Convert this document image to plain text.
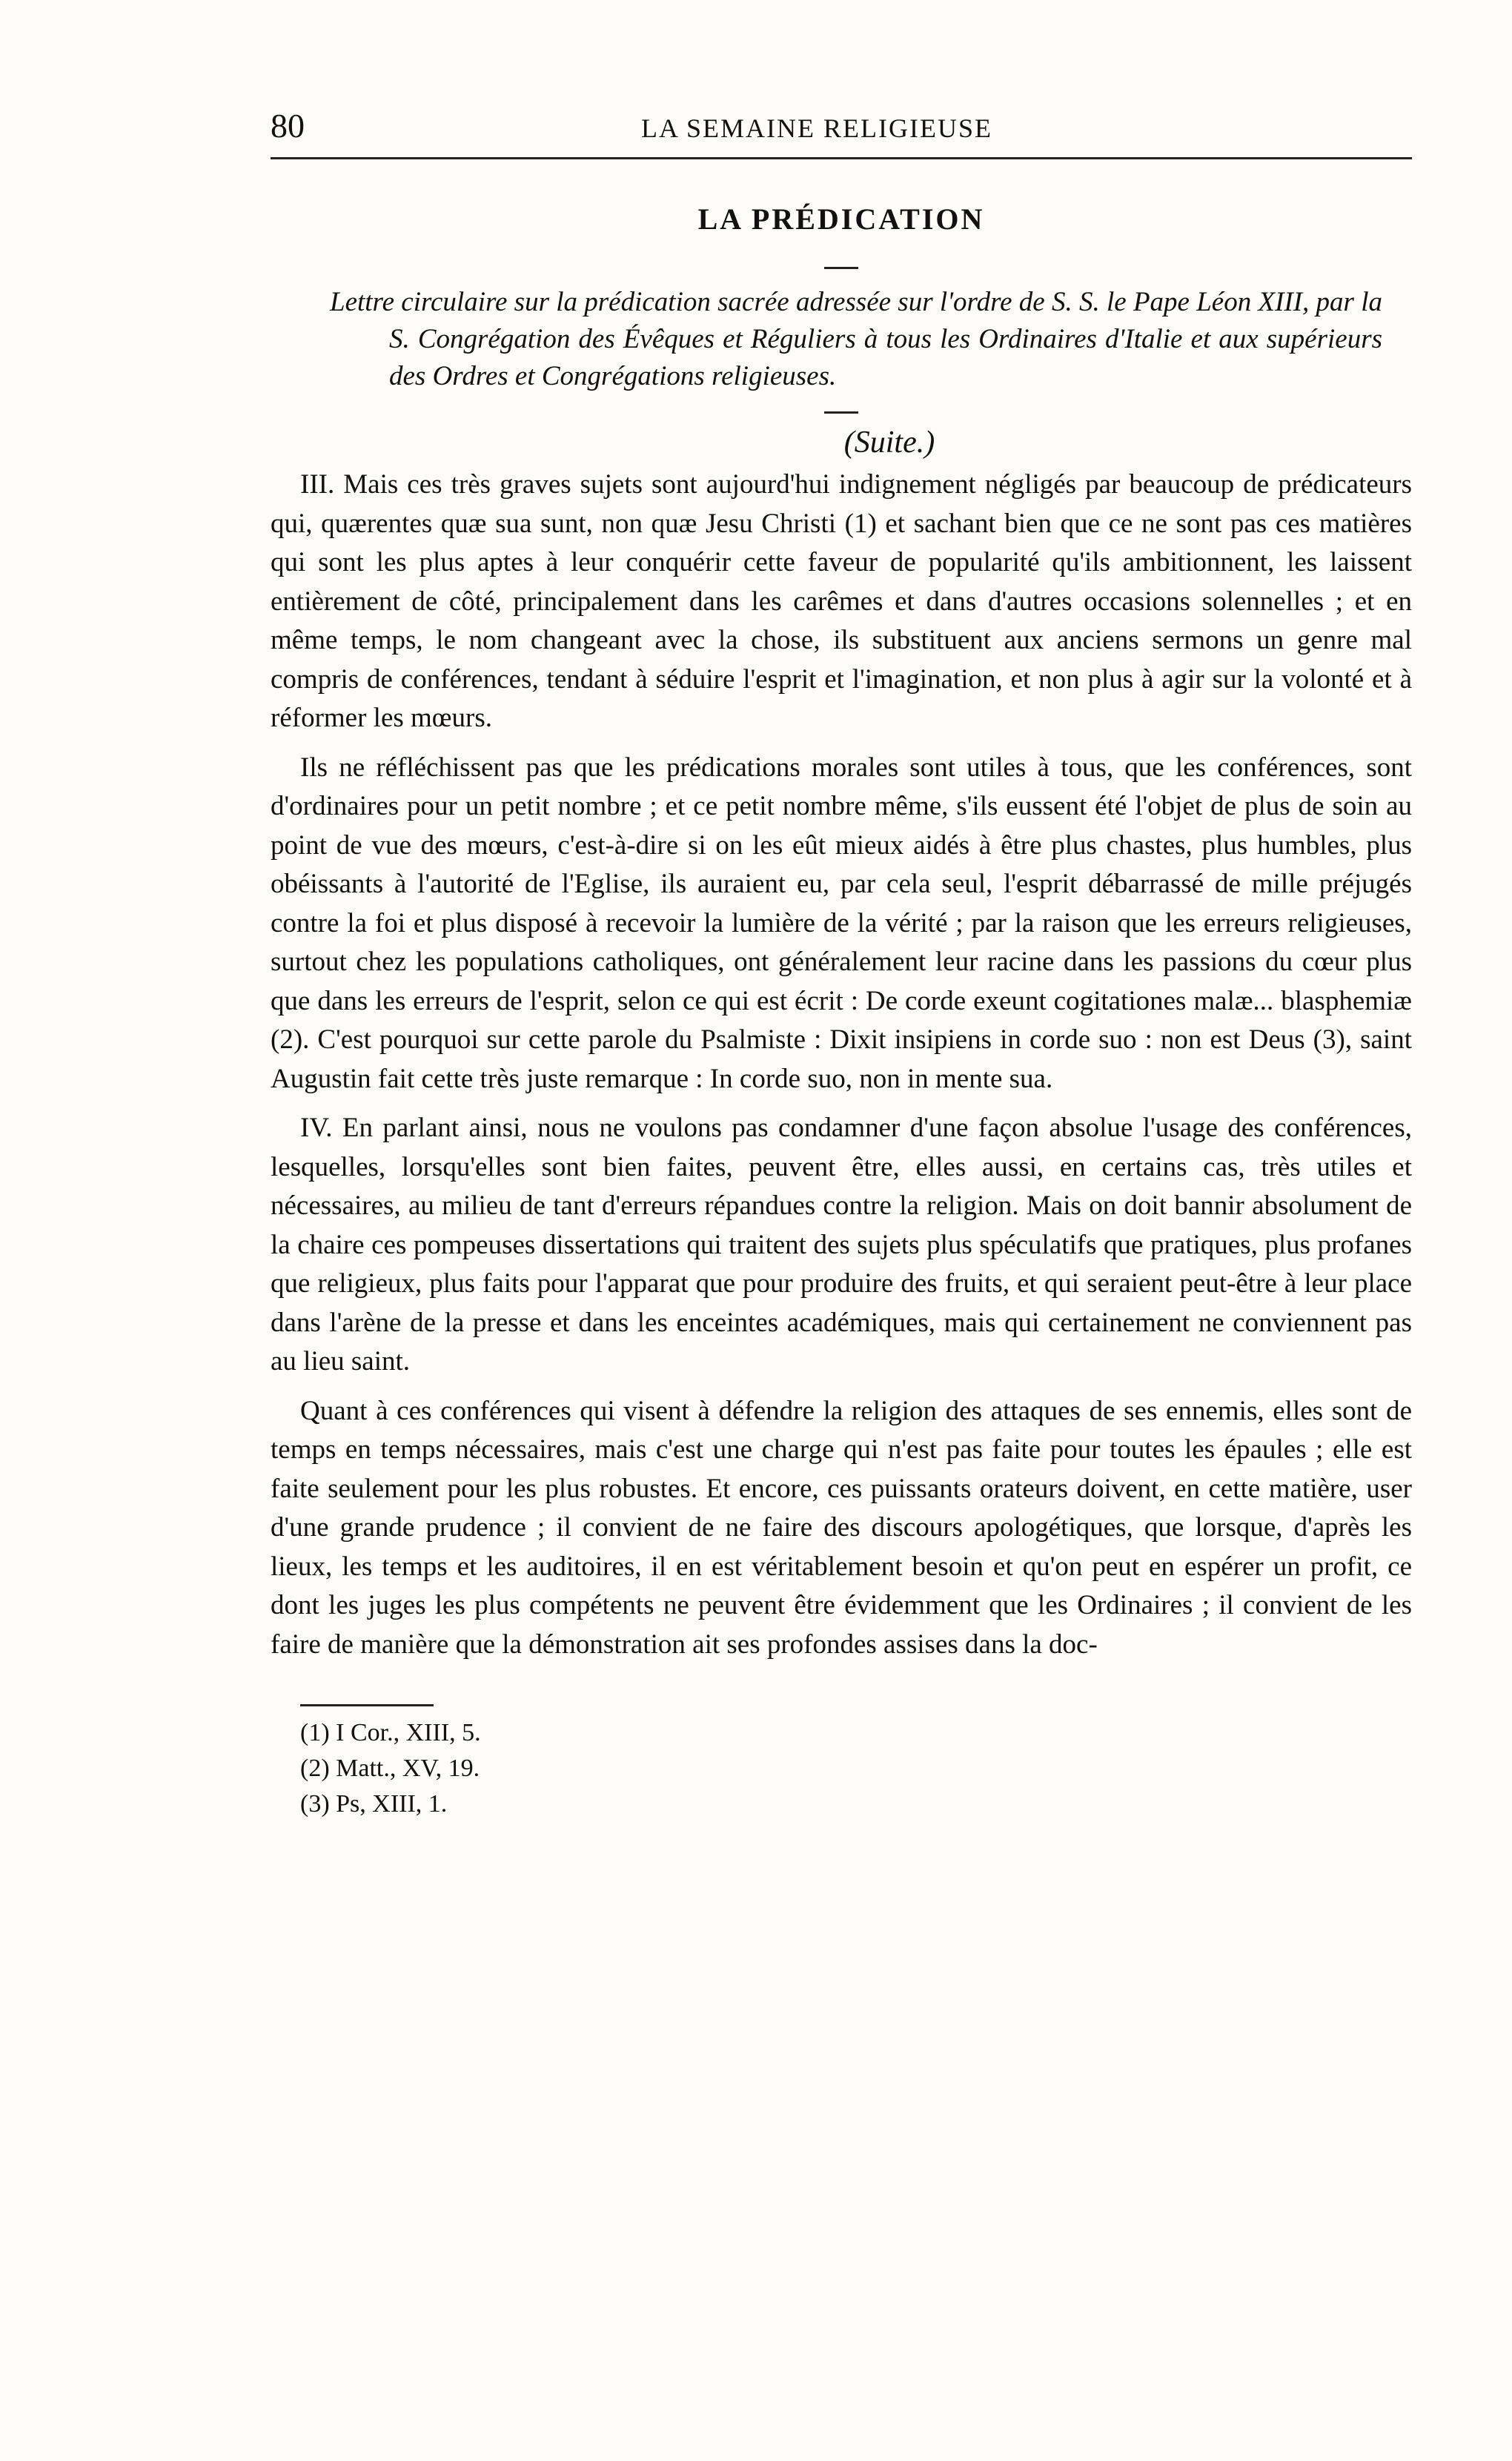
80	LA SEMAINE RELIGIEUSE
LA PRÉDICATION
Lettre circulaire sur la prédication sacrée adressée sur l'ordre de S. S. le Pape Léon XIII, par la S. Congrégation des Évêques et Réguliers à tous les Ordinaires d'Italie et aux supérieurs des Ordres et Congrégations religieuses.
(Suite.)

III. Mais ces très graves sujets sont aujourd'hui indignement négligés par beaucoup de prédicateurs qui, quærentes quæ sua sunt, non quæ Jesu Christi (1) et sachant bien que ce ne sont pas ces matières qui sont les plus aptes à leur conquérir cette faveur de popularité qu'ils ambitionnent, les laissent entièrement de côté, principalement dans les carêmes et dans d'autres occasions solennelles ; et en même temps, le nom changeant avec la chose, ils substituent aux anciens sermons un genre mal compris de conférences, tendant à séduire l'esprit et l'imagination, et non plus à agir sur la volonté et à réformer les mœurs.

Ils ne réfléchissent pas que les prédications morales sont utiles à tous, que les conférences, sont d'ordinaires pour un petit nombre ; et ce petit nombre même, s'ils eussent été l'objet de plus de soin au point de vue des mœurs, c'est-à-dire si on les eût mieux aidés à être plus chastes, plus humbles, plus obéissants à l'autorité de l'Eglise, ils auraient eu, par cela seul, l'esprit débarrassé de mille préjugés contre la foi et plus disposé à recevoir la lumière de la vérité ; par la raison que les erreurs religieuses, surtout chez les populations catholiques, ont généralement leur racine dans les passions du cœur plus que dans les erreurs de l'esprit, selon ce qui est écrit : De corde exeunt cogitationes malæ... blasphemiæ (2). C'est pourquoi sur cette parole du Psalmiste : Dixit insipiens in corde suo : non est Deus (3), saint Augustin fait cette très juste remarque : In corde suo, non in mente sua.

IV. En parlant ainsi, nous ne voulons pas condamner d'une façon absolue l'usage des conférences, lesquelles, lorsqu'elles sont bien faites, peuvent être, elles aussi, en certains cas, très utiles et nécessaires, au milieu de tant d'erreurs répandues contre la religion. Mais on doit bannir absolument de la chaire ces pompeuses dissertations qui traitent des sujets plus spéculatifs que pratiques, plus profanes que religieux, plus faits pour l'apparat que pour produire des fruits, et qui seraient peut-être à leur place dans l'arène de la presse et dans les enceintes académiques, mais qui certainement ne conviennent pas au lieu saint.

Quant à ces conférences qui visent à défendre la religion des attaques de ses ennemis, elles sont de temps en temps nécessaires, mais c'est une charge qui n'est pas faite pour toutes les épaules ; elle est faite seulement pour les plus robustes. Et encore, ces puissants orateurs doivent, en cette matière, user d'une grande prudence ; il convient de ne faire des discours apologétiques, que lorsque, d'après les lieux, les temps et les auditoires, il en est véritablement besoin et qu'on peut en espérer un profit, ce dont les juges les plus compétents ne peuvent être évidemment que les Ordinaires ; il convient de les faire de manière que la démonstration ait ses profondes assises dans la doc-

(1) I Cor., XIII, 5.
(2) Matt., XV, 19.
(3) Ps, XIII, 1.
